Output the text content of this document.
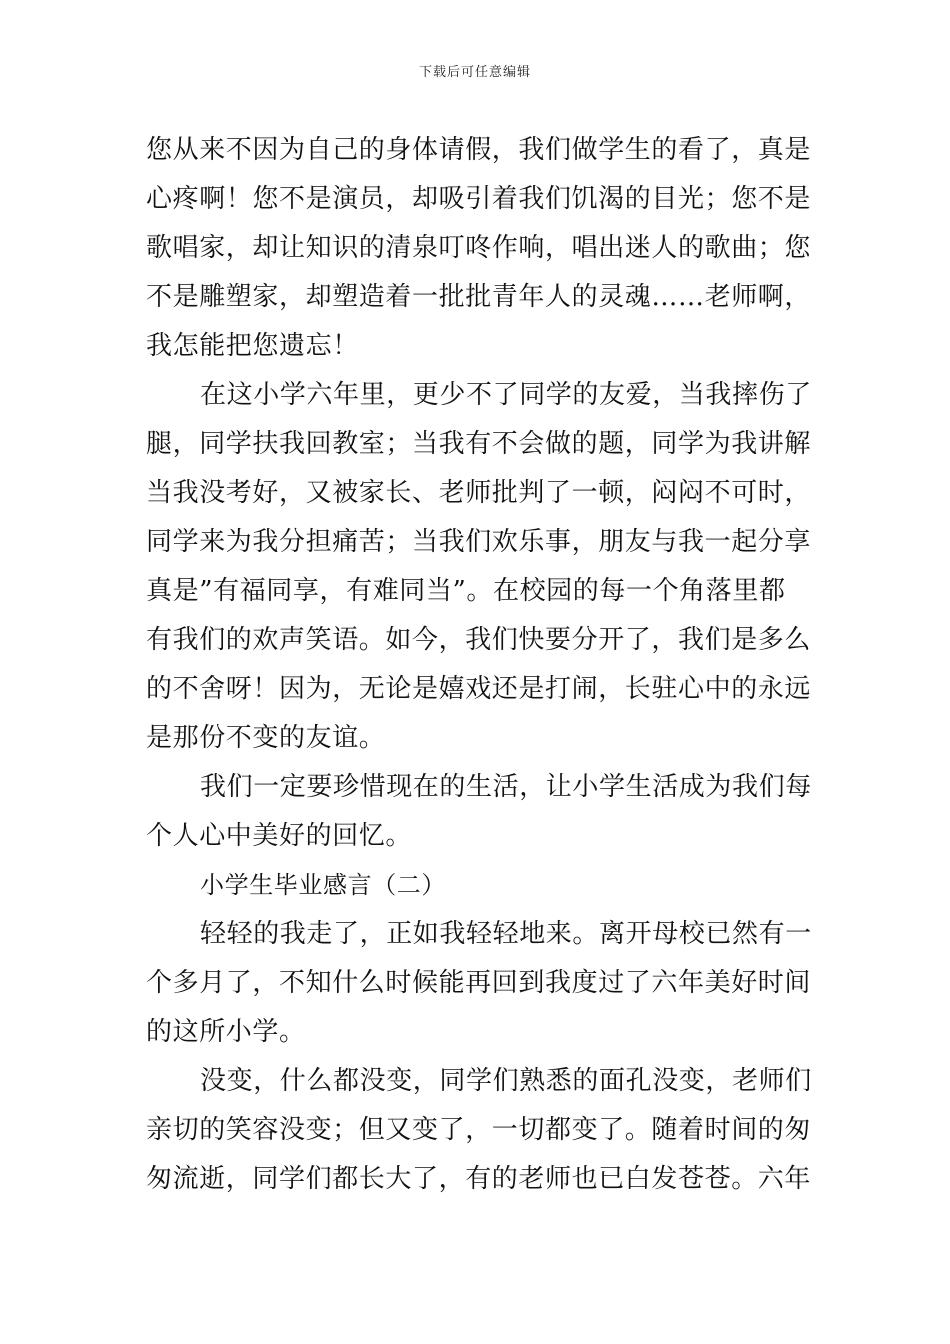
下载后可任意编辑
您从来不因为自己的身体请假，我们做学生的看了，真是
心疼啊！您不是演员，却吸引着我们饥渴的目光；您不是
歌唱家，却让知识的清泉叮咚作响，唱出迷人的歌曲；您
不是雕塑家，却塑造着一批批青年人的灵魂……老师啊，
我怎能把您遗忘！
在这小学六年里，更少不了同学的友爱，当我摔伤了
腿，同学扶我回教室；当我有不会做的题，同学为我讲解
当我没考好，又被家长、老师批判了一顿，闷闷不可时，
同学来为我分担痛苦；当我们欢乐事，朋友与我一起分享
真是”有福同享，有难同当”。在校园的每一个角落里都
有我们的欢声笑语。如今，我们快要分开了，我们是多么
的不舍呀！因为，无论是嬉戏还是打闹，长驻心中的永远
是那份不变的友谊。
我们一定要珍惜现在的生活，让小学生活成为我们每
个人心中美好的回忆。
小学生毕业感言（二）
轻轻的我走了，正如我轻轻地来。离开母校已然有一
个多月了，不知什么时候能再回到我度过了六年美好时间
的这所小学。
没变，什么都没变，同学们熟悉的面孔没变，老师们
亲切的笑容没变；但又变了，一切都变了。随着时间的匆
匆流逝，同学们都长大了，有的老师也已白发苍苍。六年
